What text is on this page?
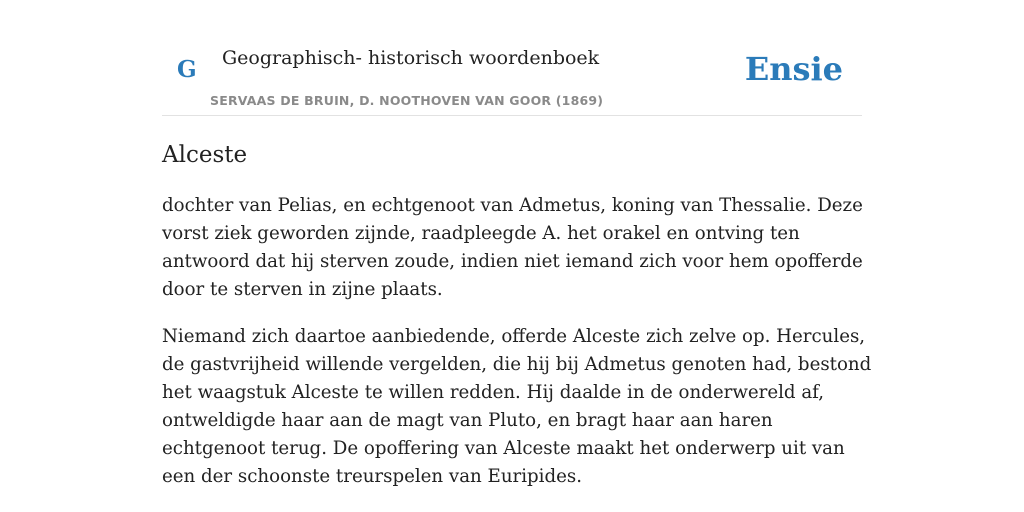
G Geographisch- historisch woordenboek
SERVAAS DE BRUIN, D. NOOTHOVEN VAN GOOR (1869)
Ensie
Alceste

dochter van Pelias, en echtgenoot van Admetus, koning van Thessalie. Deze vorst ziek geworden zijnde, raadpleegde A. het orakel en ontving ten antwoord dat hij sterven zoude, indien niet iemand zich voor hem opofferde door te sterven in zijne plaats.

Niemand zich daartoe aanbiedende, offerde Alceste zich zelve op. Hercules, de gastvrijheid willende vergelden, die hij bij Admetus genoten had, bestond het waagstuk Alceste te willen redden. Hij daalde in de onderwereld af, ontweldigde haar aan de magt van Pluto, en bragt haar aan haren echtgenoot terug. De opoffering van Alceste maakt het onderwerp uit van een der schoonste treurspelen van Euripides.
